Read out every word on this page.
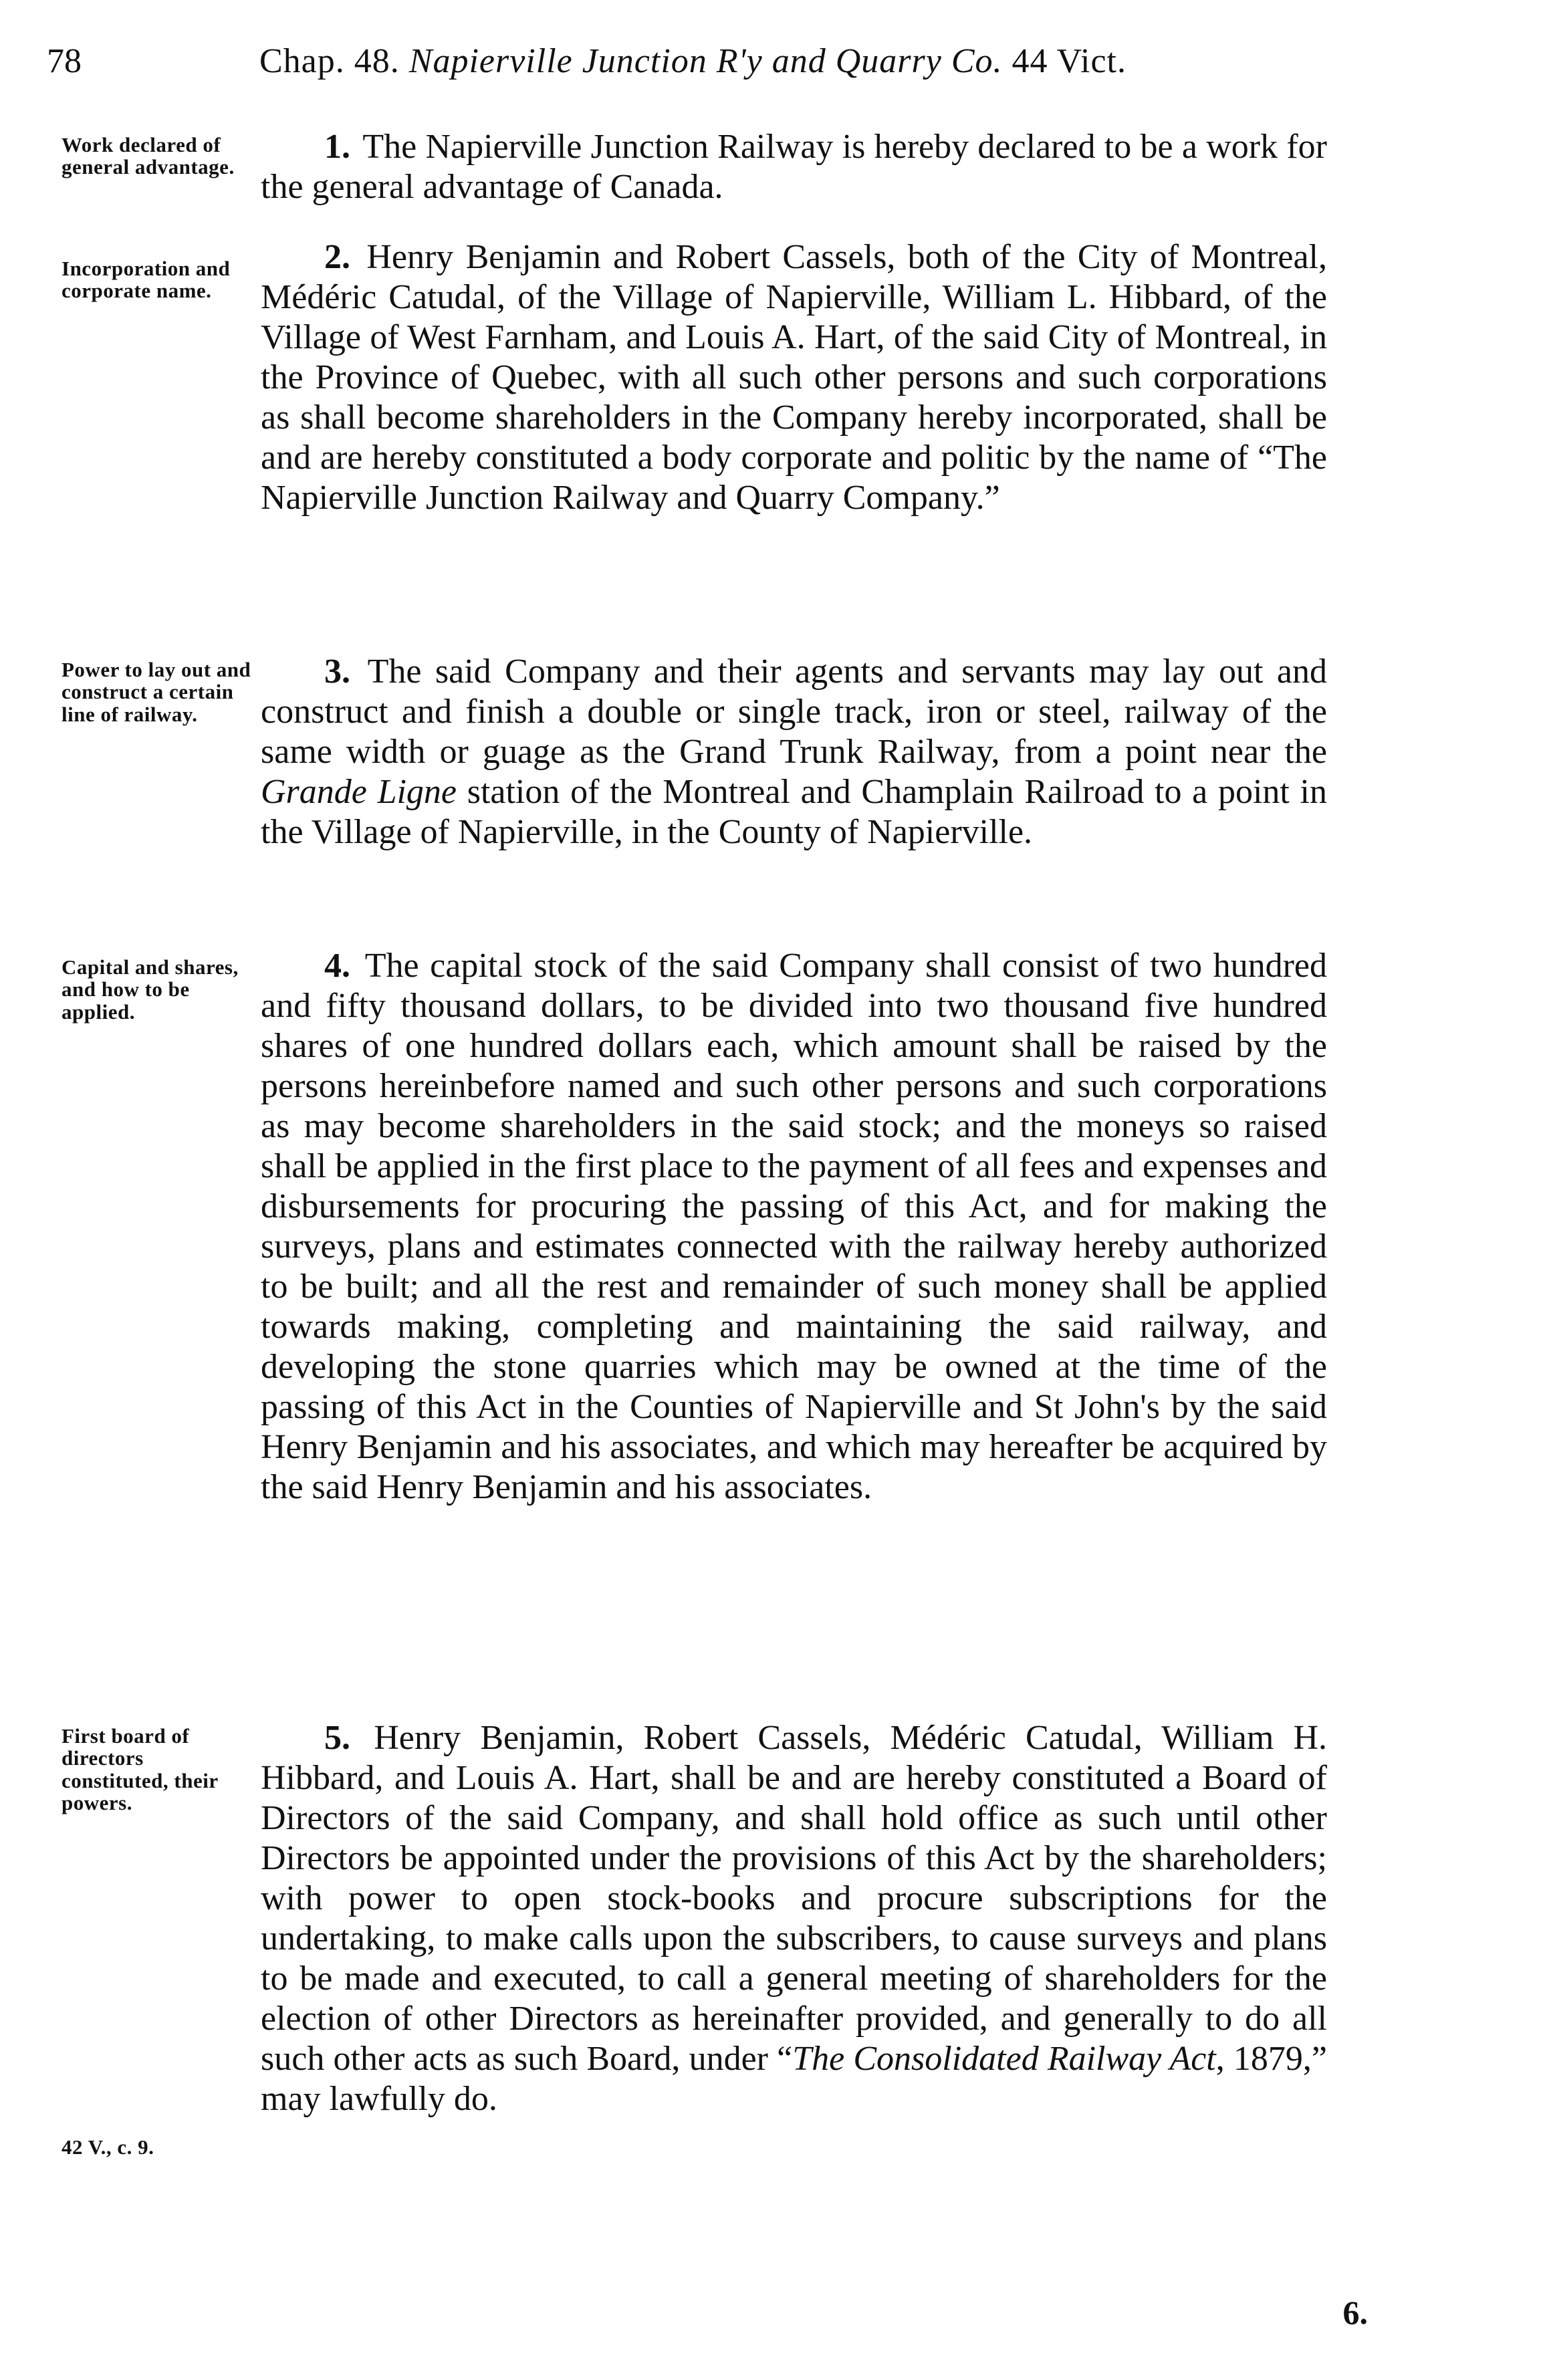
78	Chap. 48. Napierville Junction R'y and Quarry Co. 44 Vict.
Work declared of general advantage.
Incorporation and corporate name.
Power to lay out and construct a certain line of railway.
Capital and shares, and how to be applied.
First board of directors constituted, their powers.
42 V., c. 9.

1. The Napierville Junction Railway is hereby declared to be a work for the general advantage of Canada.

2. Henry Benjamin and Robert Cassels, both of the City of Montreal, Médéric Catudal, of the Village of Napierville, William L. Hibbard, of the Village of West Farnham, and Louis A. Hart, of the said City of Montreal, in the Province of Quebec, with all such other persons and such corporations as shall become shareholders in the Company hereby incorporated, shall be and are hereby constituted a body corporate and politic by the name of “The Napierville Junction Railway and Quarry Company.”

3. The said Company and their agents and servants may lay out and construct and finish a double or single track, iron or steel, railway of the same width or guage as the Grand Trunk Railway, from a point near the Grande Ligne station of the Montreal and Champlain Railroad to a point in the Village of Napierville, in the County of Napierville.

4. The capital stock of the said Company shall consist of two hundred and fifty thousand dollars, to be divided into two thousand five hundred shares of one hundred dollars each, which amount shall be raised by the persons hereinbefore named and such other persons and such corporations as may become shareholders in the said stock; and the moneys so raised shall be applied in the first place to the payment of all fees and expenses and disbursements for procuring the passing of this Act, and for making the surveys, plans and estimates connected with the railway hereby authorized to be built; and all the rest and remainder of such money shall be applied towards making, completing and maintaining the said railway, and developing the stone quarries which may be owned at the time of the passing of this Act in the Counties of Napierville and St John's by the said Henry Benjamin and his associates, and which may hereafter be acquired by the said Henry Benjamin and his associates.

5. Henry Benjamin, Robert Cassels, Médéric Catudal, William H. Hibbard, and Louis A. Hart, shall be and are hereby constituted a Board of Directors of the said Company, and shall hold office as such until other Directors be appointed under the provisions of this Act by the shareholders; with power to open stock-books and procure subscriptions for the undertaking, to make calls upon the subscribers, to cause surveys and plans to be made and executed, to call a general meeting of shareholders for the election of other Directors as hereinafter provided, and generally to do all such other acts as such Board, under “The Consolidated Railway Act, 1879,” may lawfully do.

6.
